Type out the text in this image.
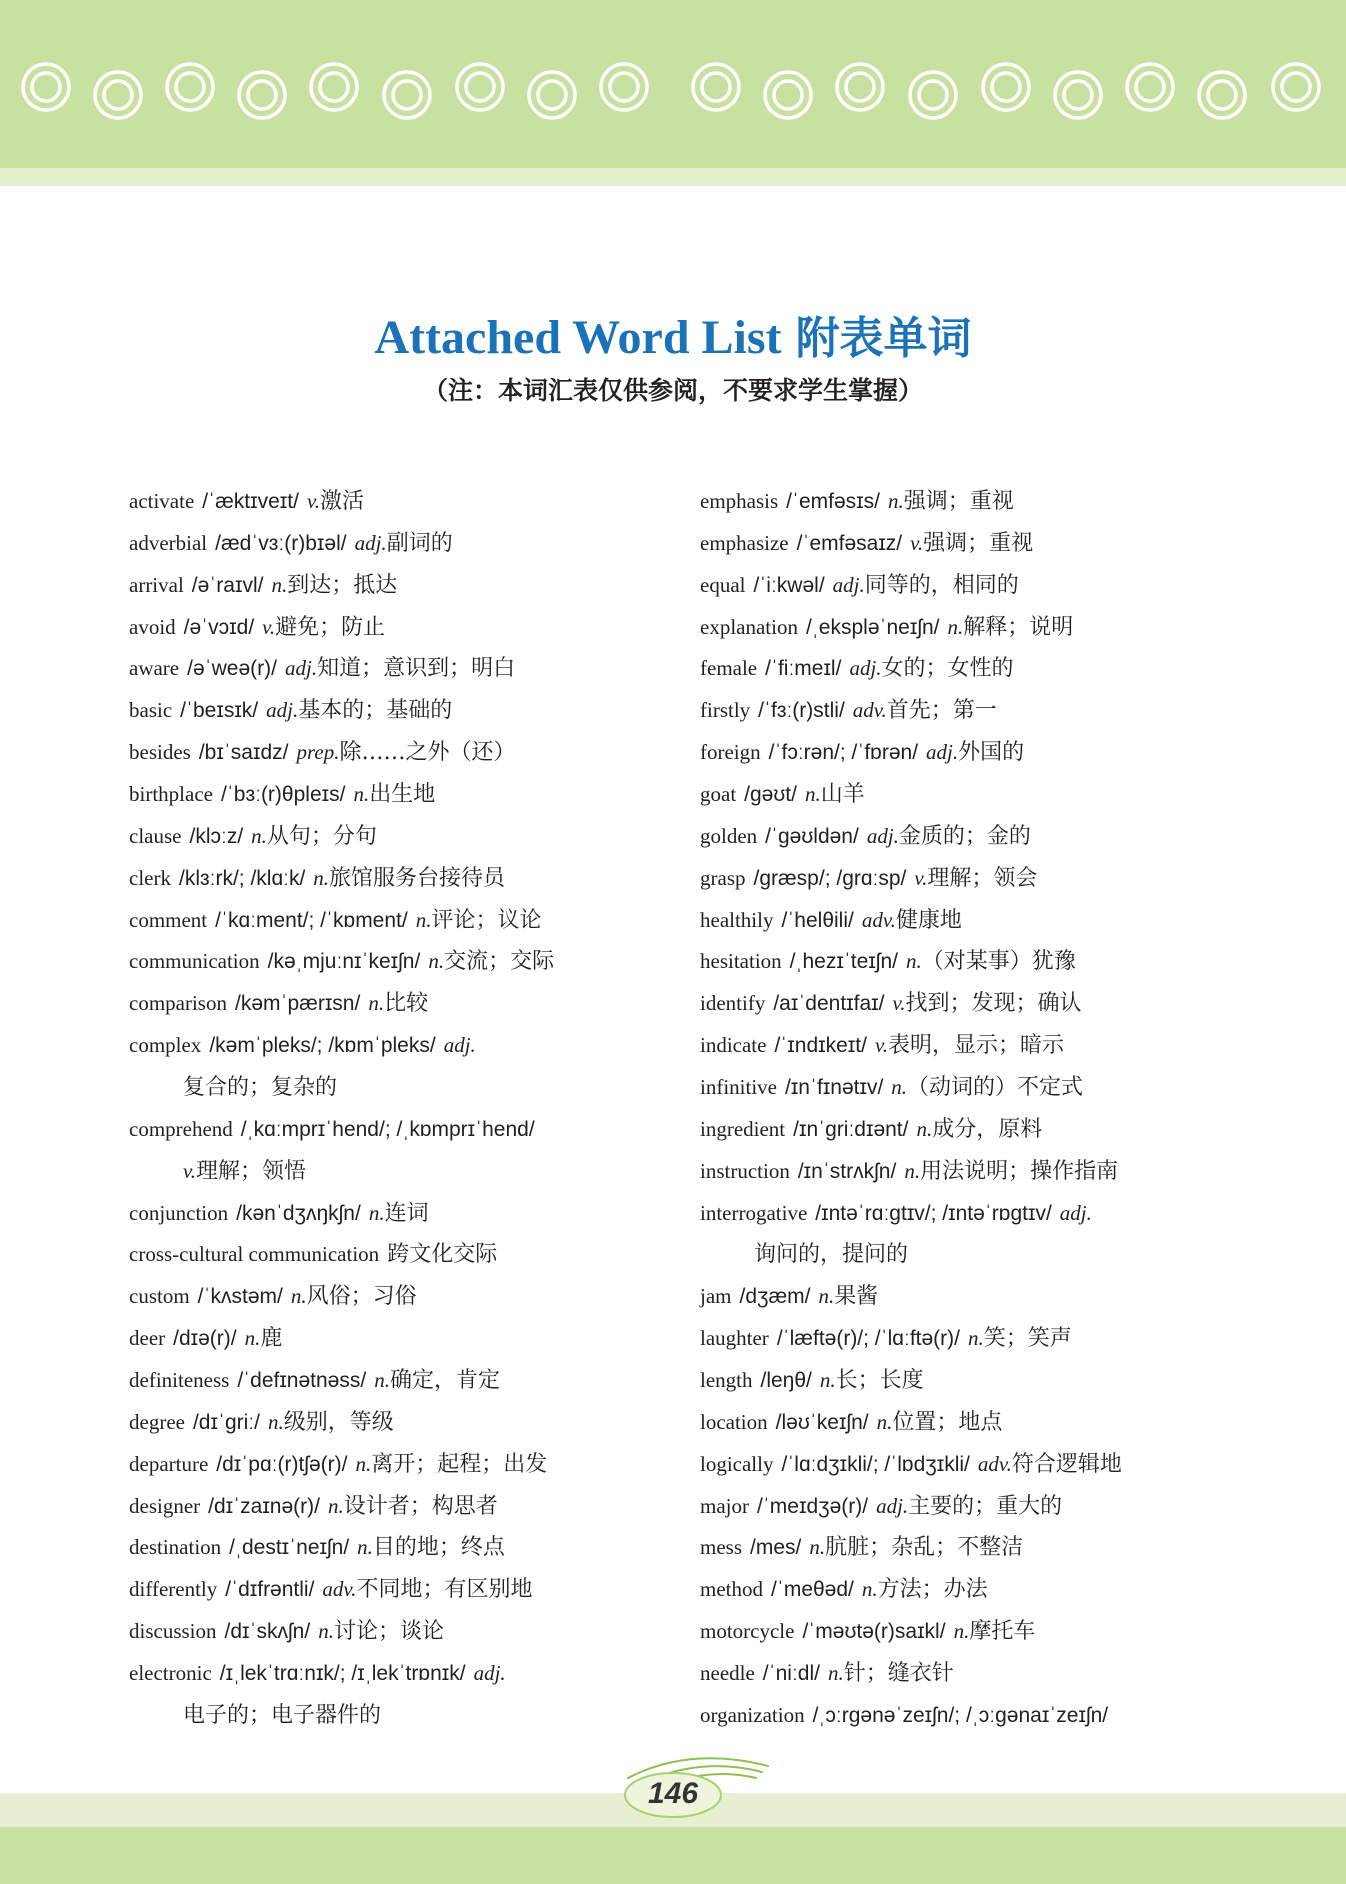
Attached Word List 附表单词
（注：本词汇表仅供参阅，不要求学生掌握）
activate /ˈæktɪveɪt/ v.激活
adverbial /ædˈvɜː(r)bɪəl/ adj.副词的
arrival /əˈraɪvl/ n.到达；抵达
avoid /əˈvɔɪd/ v.避免；防止
aware /əˈweə(r)/ adj.知道；意识到；明白
basic /ˈbeɪsɪk/ adj.基本的；基础的
besides /bɪˈsaɪdz/ prep.除……之外（还）
birthplace /ˈbɜː(r)θpleɪs/ n.出生地
clause /klɔːz/ n.从句；分句
clerk /klɜːrk/; /klɑːk/ n.旅馆服务台接待员
comment /ˈkɑːment/; /ˈkɒment/ n.评论；议论
communication /kəˌmjuːnɪˈkeɪʃn/ n.交流；交际
comparison /kəmˈpærɪsn/ n.比较
complex /kəmˈpleks/; /kɒmˈpleks/ adj.
复合的；复杂的
comprehend /ˌkɑːmprɪˈhend/; /ˌkɒmprɪˈhend/
v.理解；领悟
conjunction /kənˈdʒʌŋkʃn/ n.连词
cross-cultural communication 跨文化交际
custom /ˈkʌstəm/ n.风俗；习俗
deer /dɪə(r)/ n.鹿
definiteness /ˈdefɪnətnəss/ n.确定，肯定
degree /dɪˈɡriː/ n.级别，等级
departure /dɪˈpɑː(r)tʃə(r)/ n.离开；起程；出发
designer /dɪˈzaɪnə(r)/ n.设计者；构思者
destination /ˌdestɪˈneɪʃn/ n.目的地；终点
differently /ˈdɪfrəntli/ adv.不同地；有区别地
discussion /dɪˈskʌʃn/ n.讨论；谈论
electronic /ɪˌlekˈtrɑːnɪk/; /ɪˌlekˈtrɒnɪk/ adj.
电子的；电子器件的
emphasis /ˈemfəsɪs/ n.强调；重视
emphasize /ˈemfəsaɪz/ v.强调；重视
equal /ˈiːkwəl/ adj.同等的，相同的
explanation /ˌekspləˈneɪʃn/ n.解释；说明
female /ˈfiːmeɪl/ adj.女的；女性的
firstly /ˈfɜː(r)stli/ adv.首先；第一
foreign /ˈfɔːrən/; /ˈfɒrən/ adj.外国的
goat /ɡəʊt/ n.山羊
golden /ˈɡəʊldən/ adj.金质的；金的
grasp /ɡræsp/; /ɡrɑːsp/ v.理解；领会
healthily /ˈhelθili/ adv.健康地
hesitation /ˌhezɪˈteɪʃn/ n.（对某事）犹豫
identify /aɪˈdentɪfaɪ/ v.找到；发现；确认
indicate /ˈɪndɪkeɪt/ v.表明，显示；暗示
infinitive /ɪnˈfɪnətɪv/ n.（动词的）不定式
ingredient /ɪnˈɡriːdɪənt/ n.成分，原料
instruction /ɪnˈstrʌkʃn/ n.用法说明；操作指南
interrogative /ɪntəˈrɑːɡtɪv/; /ɪntəˈrɒɡtɪv/ adj.
询问的，提问的
jam /dʒæm/ n.果酱
laughter /ˈlæftə(r)/; /ˈlɑːftə(r)/ n.笑；笑声
length /leŋθ/ n.长；长度
location /ləʊˈkeɪʃn/ n.位置；地点
logically /ˈlɑːdʒɪkli/; /ˈlɒdʒɪkli/ adv.符合逻辑地
major /ˈmeɪdʒə(r)/ adj.主要的；重大的
mess /mes/ n.肮脏；杂乱；不整洁
method /ˈmeθəd/ n.方法；办法
motorcycle /ˈməʊtə(r)saɪkl/ n.摩托车
needle /ˈniːdl/ n.针；缝衣针
organization /ˌɔːrɡənəˈzeɪʃn/; /ˌɔːɡənaɪˈzeɪʃn/
146
